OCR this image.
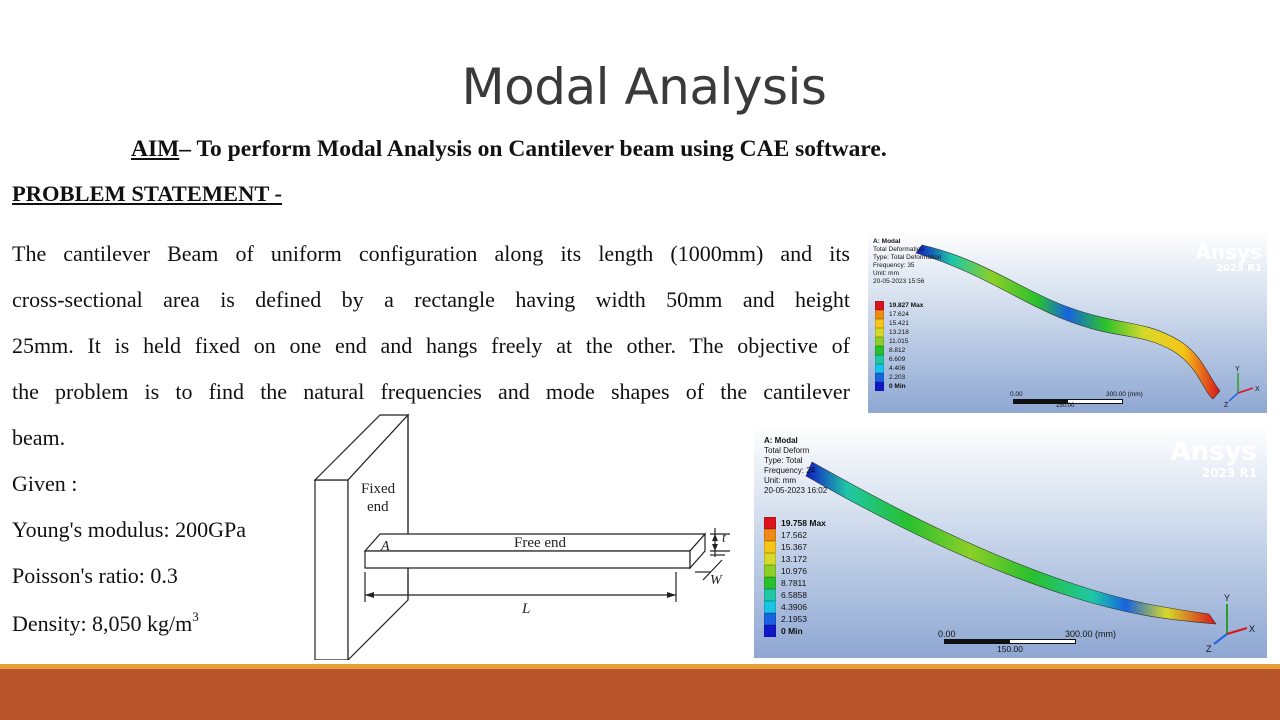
Modal Analysis
AIM– To perform Modal Analysis on Cantilever beam using CAE software.
PROBLEM STATEMENT -
The cantilever Beam of uniform configuration along its length (1000mm) and its
cross-sectional area is defined by a rectangle having width 50mm and height
25mm. It is held fixed on one end and hangs freely at the other. The objective of
the problem is to find the natural frequencies and mode shapes of the cantilever
beam.
Given :
Young's modulus: 200GPa
Poisson's ratio: 0.3
Density: 8,050 $kg/m^3$
Fixed
end
Free end
A
t
W
L
A: Modal
Total Deformation
Type: Total Deformation
Frequency: 35
Unit: mm
20-05-2023 15:56
19.827 Max
17.624
15.421
13.218
11.015
8.812
6.609
4.406
2.203
0 Min
Ansys
2023 R1
0.00	300.00 (mm)
150.00
Y
X
Z
A: Modal
Total Deform
Type: Total
Frequency: 24
Unit: mm
20-05-2023 16:02
19.758 Max
17.562
15.367
13.172
10.976
8.7811
6.5858
4.3906
2.1953
0 Min
Ansys
2023 R1
0.00	300.00 (mm)
150.00
Y
X
Z
